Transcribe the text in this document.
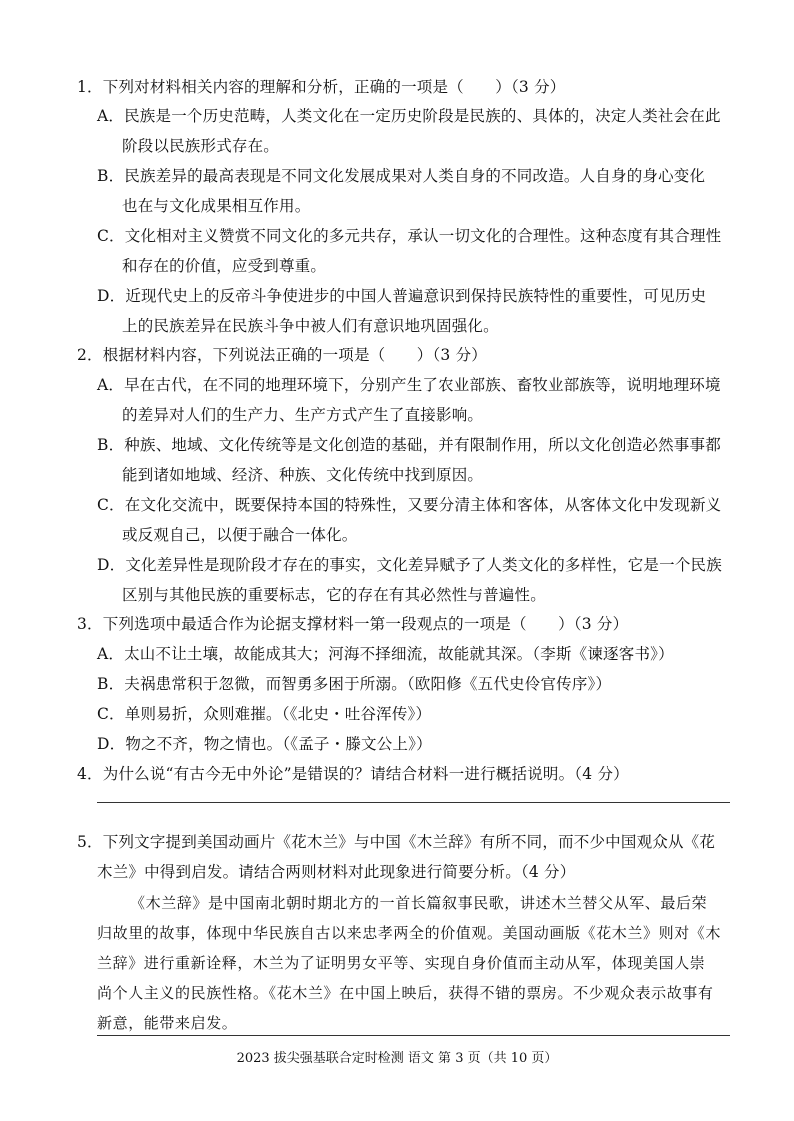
1．下列对材料相关内容的理解和分析，正确的一项是（　　）（3 分）
A．民族是一个历史范畴，人类文化在一定历史阶段是民族的、具体的，决定人类社会在此
阶段以民族形式存在。
B．民族差异的最高表现是不同文化发展成果对人类自身的不同改造。人自身的身心变化
也在与文化成果相互作用。
C．文化相对主义赞赏不同文化的多元共存，承认一切文化的合理性。这种态度有其合理性
和存在的价值，应受到尊重。
D．近现代史上的反帝斗争使进步的中国人普遍意识到保持民族特性的重要性，可见历史
上的民族差异在民族斗争中被人们有意识地巩固强化。
2．根据材料内容，下列说法正确的一项是（　　）（3 分）
A．早在古代，在不同的地理环境下，分别产生了农业部族、畜牧业部族等，说明地理环境
的差异对人们的生产力、生产方式产生了直接影响。
B．种族、地域、文化传统等是文化创造的基础，并有限制作用，所以文化创造必然事事都
能到诸如地域、经济、种族、文化传统中找到原因。
C．在文化交流中，既要保持本国的特殊性，又要分清主体和客体，从客体文化中发现新义
或反观自己，以便于融合一体化。
D．文化差异性是现阶段才存在的事实，文化差异赋予了人类文化的多样性，它是一个民族
区别与其他民族的重要标志，它的存在有其必然性与普遍性。
3．下列选项中最适合作为论据支撑材料一第一段观点的一项是（　　）（3 分）
A．太山不让土壤，故能成其大；河海不择细流，故能就其深。（李斯《谏逐客书》）
B．夫祸患常积于忽微，而智勇多困于所溺。（欧阳修《五代史伶官传序》）
C．单则易折，众则难摧。（《北史・吐谷浑传》）
D．物之不齐，物之情也。（《孟子・滕文公上》）
4．为什么说“有古今无中外论”是错误的？请结合材料一进行概括说明。（4 分）
5．下列文字提到美国动画片《花木兰》与中国《木兰辞》有所不同，而不少中国观众从《花
木兰》中得到启发。请结合两则材料对此现象进行简要分析。（4 分）
《木兰辞》是中国南北朝时期北方的一首长篇叙事民歌，讲述木兰替父从军、最后荣
归故里的故事，体现中华民族自古以来忠孝两全的价值观。美国动画版《花木兰》则对《木
兰辞》进行重新诠释，木兰为了证明男女平等、实现自身价值而主动从军，体现美国人崇
尚个人主义的民族性格。《花木兰》在中国上映后，获得不错的票房。不少观众表示故事有
新意，能带来启发。
2023 拔尖强基联合定时检测 语文 第 3 页（共 10 页）
